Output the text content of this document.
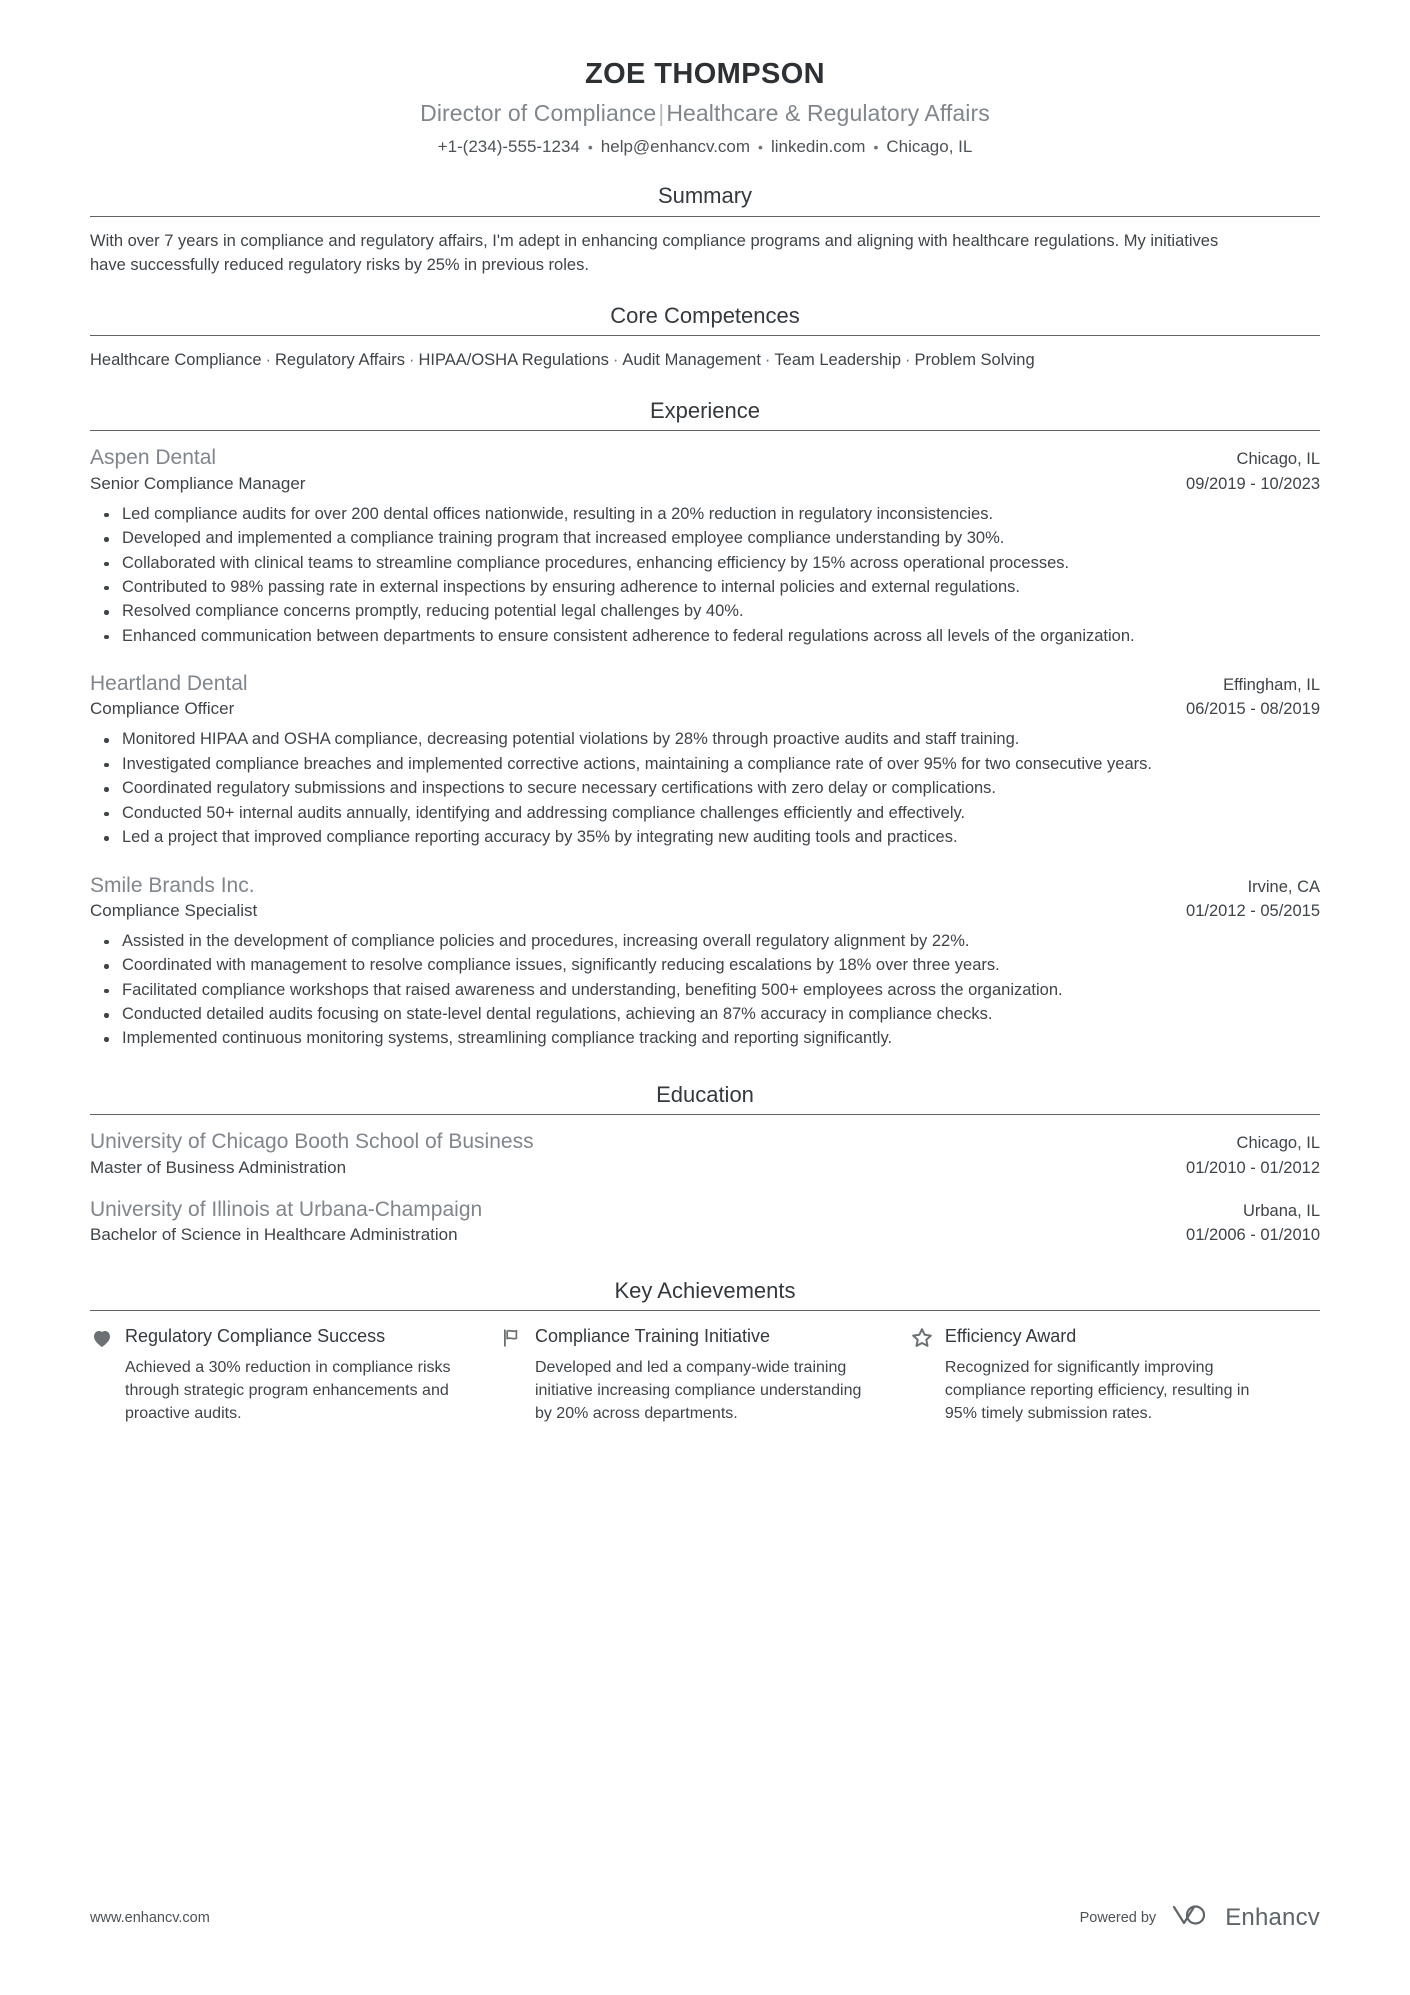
ZOE THOMPSON
Director of Compliance|Healthcare & Regulatory Affairs
+1-(234)-555-1234 • help@enhancv.com • linkedin.com • Chicago, IL
Summary
With over 7 years in compliance and regulatory affairs, I'm adept in enhancing compliance programs and aligning with healthcare regulations. My initiatives have successfully reduced regulatory risks by 25% in previous roles.
Core Competences
Healthcare Compliance · Regulatory Affairs · HIPAA/OSHA Regulations · Audit Management · Team Leadership · Problem Solving
Experience
Aspen Dental	Chicago, IL
Senior Compliance Manager	09/2019 - 10/2023
Led compliance audits for over 200 dental offices nationwide, resulting in a 20% reduction in regulatory inconsistencies.
Developed and implemented a compliance training program that increased employee compliance understanding by 30%.
Collaborated with clinical teams to streamline compliance procedures, enhancing efficiency by 15% across operational processes.
Contributed to 98% passing rate in external inspections by ensuring adherence to internal policies and external regulations.
Resolved compliance concerns promptly, reducing potential legal challenges by 40%.
Enhanced communication between departments to ensure consistent adherence to federal regulations across all levels of the organization.
Heartland Dental	Effingham, IL
Compliance Officer	06/2015 - 08/2019
Monitored HIPAA and OSHA compliance, decreasing potential violations by 28% through proactive audits and staff training.
Investigated compliance breaches and implemented corrective actions, maintaining a compliance rate of over 95% for two consecutive years.
Coordinated regulatory submissions and inspections to secure necessary certifications with zero delay or complications.
Conducted 50+ internal audits annually, identifying and addressing compliance challenges efficiently and effectively.
Led a project that improved compliance reporting accuracy by 35% by integrating new auditing tools and practices.
Smile Brands Inc.	Irvine, CA
Compliance Specialist	01/2012 - 05/2015
Assisted in the development of compliance policies and procedures, increasing overall regulatory alignment by 22%.
Coordinated with management to resolve compliance issues, significantly reducing escalations by 18% over three years.
Facilitated compliance workshops that raised awareness and understanding, benefiting 500+ employees across the organization.
Conducted detailed audits focusing on state-level dental regulations, achieving an 87% accuracy in compliance checks.
Implemented continuous monitoring systems, streamlining compliance tracking and reporting significantly.
Education
University of Chicago Booth School of Business	Chicago, IL
Master of Business Administration	01/2010 - 01/2012
University of Illinois at Urbana-Champaign	Urbana, IL
Bachelor of Science in Healthcare Administration	01/2006 - 01/2010
Key Achievements
Regulatory Compliance Success
Achieved a 30% reduction in compliance risks through strategic program enhancements and proactive audits.
Compliance Training Initiative
Developed and led a company-wide training initiative increasing compliance understanding by 20% across departments.
Efficiency Award
Recognized for significantly improving compliance reporting efficiency, resulting in 95% timely submission rates.
www.enhancv.com	Powered by	Enhancv
